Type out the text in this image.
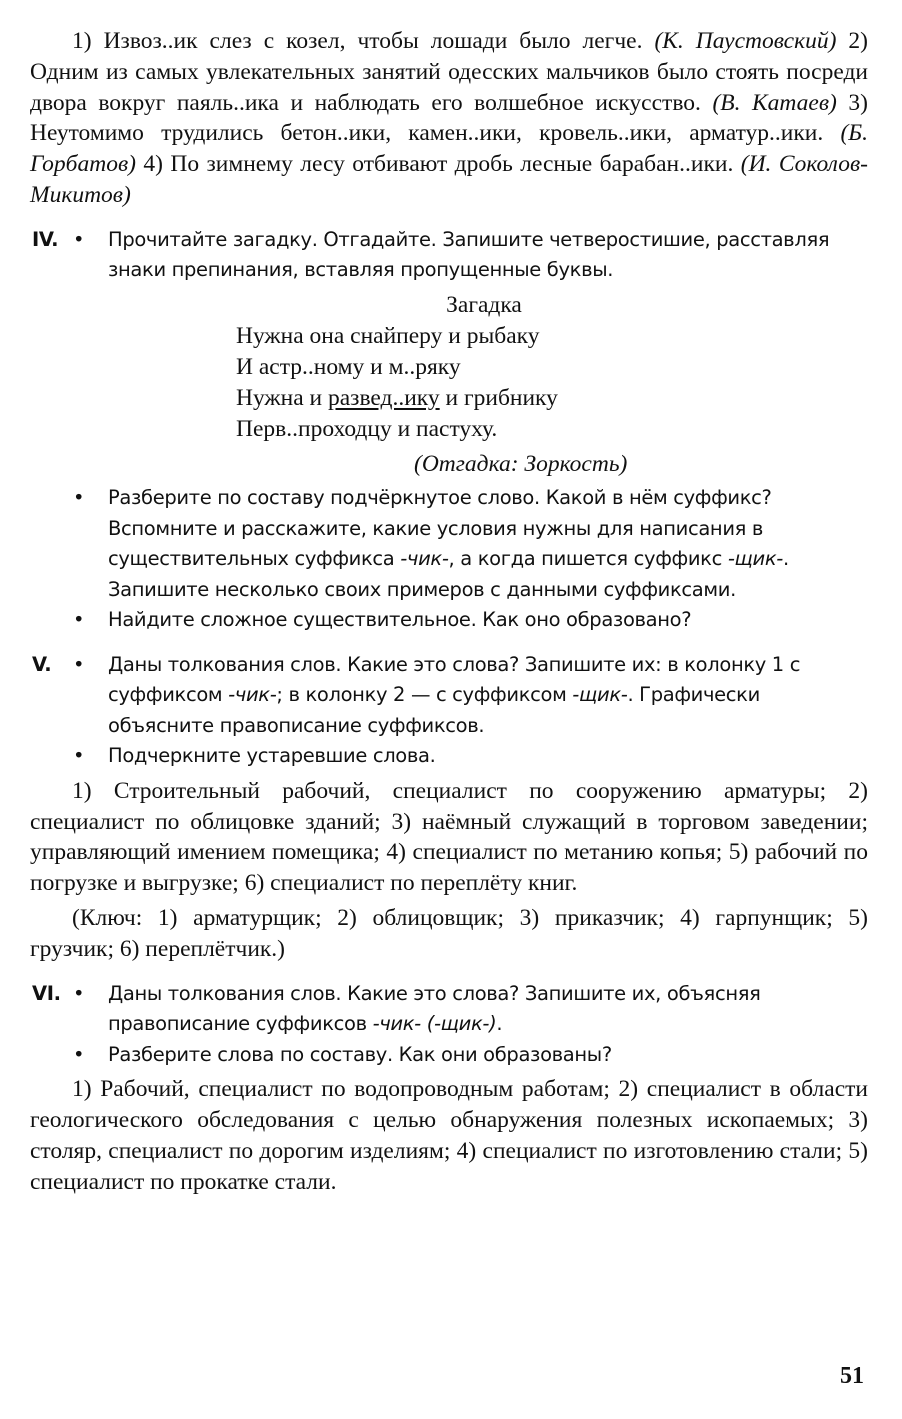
1) Извоз..ик слез с козел, чтобы лошади было легче. (К. Паустовский) 2) Одним из самых увлекательных занятий одесских мальчиков было стоять посреди двора вокруг паяль..ика и наблюдать его волшебное искусство. (В. Катаев) 3) Неутомимо трудились бетон..ики, камен..ики, кровель..ики, арматур..ики. (Б. Горбатов) 4) По зимнему лесу отбивают дробь лесные барабан..ики. (И. Соколов-Микитов)

IV. • Прочитайте загадку. Отгадайте. Запишите четверостишие, расставляя знаки препинания, вставляя пропущенные буквы.

Загадка
Нужна она снайперу и рыбаку
И астр..ному и м..ряку
Нужна и развед..ику и грибнику
Перв..проходцу и пастуху.
(Отгадка: Зоркость)

• Разберите по составу подчёркнутое слово. Какой в нём суффикс? Вспомните и расскажите, какие условия нужны для написания в существительных суффикса -чик-, а когда пишется суффикс -щик-. Запишите несколько своих примеров с данными суффиксами.

• Найдите сложное существительное. Как оно образовано?

V. • Даны толкования слов. Какие это слова? Запишите их: в колонку 1 с суффиксом -чик-; в колонку 2 — с суффиксом -щик-. Графически объясните правописание суффиксов.

• Подчеркните устаревшие слова.

1) Строительный рабочий, специалист по сооружению арматуры; 2) специалист по облицовке зданий; 3) наёмный служащий в торговом заведении; управляющий имением помещика; 4) специалист по метанию копья; 5) рабочий по погрузке и выгрузке; 6) специалист по переплёту книг.

(Ключ: 1) арматурщик; 2) облицовщик; 3) приказчик; 4) гарпунщик; 5) грузчик; 6) переплётчик.)

VI. • Даны толкования слов. Какие это слова? Запишите их, объясняя правописание суффиксов -чик- (-щик-).

• Разберите слова по составу. Как они образованы?

1) Рабочий, специалист по водопроводным работам; 2) специалист в области геологического обследования с целью обнаружения полезных ископаемых; 3) столяр, специалист по дорогим изделиям; 4) специалист по изготовлению стали; 5) специалист по прокатке стали.

51
